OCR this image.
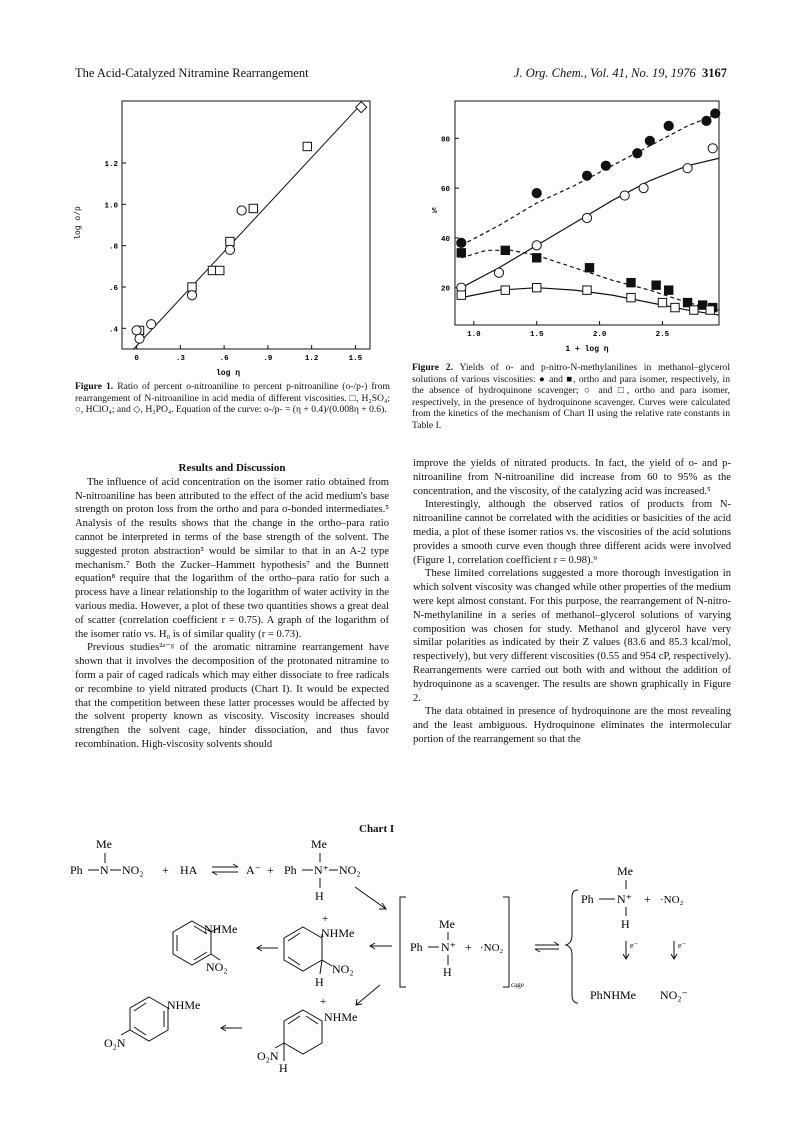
The Acid-Catalyzed Nitramine Rearrangement	J. Org. Chem., Vol. 41, No. 19, 1976 3167
0	.3	.6	.9	1.2	1.5
.4
.6
.8
1.0
1.2
log o/p
log η
Figure 1. Ratio of percent o-nitroaniline to percent p-nitroaniline (o-/p-) from rearrangement of N-nitroaniline in acid media of different viscosities. □, H₂SO₄; ○, HClO₄; and ◇, H₃PO₄. Equation of the curve: o-/p- = (η + 0.4)/(0.008η + 0.6).
1.0	1.5	2.0	2.5
20
40
60
80
%
1 + log η
Figure 2. Yields of o- and p-nitro-N-methylanilines in methanol–glycerol solutions of various viscosities: ● and ■, ortho and para isomer, respectively, in the absence of hydroquinone scavenger; ○ and □, ortho and para isomer, respectively, in the presence of hydroquinone scavenger. Curves were calculated from the kinetics of the mechanism of Chart II using the relative rate constants in Table I.

Results and Discussion

The influence of acid concentration on the isomer ratio obtained from N-nitroaniline has been attributed to the effect of the acid medium's base strength on proton loss from the ortho and para σ-bonded intermediates.⁵ Analysis of the results shows that the change in the ortho–para ratio cannot be interpreted in terms of the base strength of the solvent. The suggested proton abstraction⁵ would be similar to that in an A-2 type mechanism.⁷ Both the Zucker–Hammett hypothesis⁷ and the Bunnett equation⁸ require that the logarithm of the ortho–para ratio for such a process have a linear relationship to the logarithm of water activity in the various media. However, a plot of these two quantities shows a great deal of scatter (correlation coefficient r = 0.75). A graph of the logarithm of the isomer ratio vs. H₀ is of similar quality (r = 0.73).

Previous studies²ᵃ⁻ᵍ of the aromatic nitramine rearrangement have shown that it involves the decomposition of the protonated nitramine to form a pair of caged radicals which may either dissociate to free radicals or recombine to yield nitrated products (Chart I). It would be expected that the competition between these latter processes would be affected by the solvent property known as viscosity. Viscosity increases should strengthen the solvent cage, hinder dissociation, and thus favor recombination. High-viscosity solvents should

improve the yields of nitrated products. In fact, the yield of o- and p-nitroaniline from N-nitroaniline did increase from 60 to 95% as the concentration, and the viscosity, of the catalyzing acid was increased.⁵

Interestingly, although the observed ratios of products from N-nitroaniline cannot be correlated with the acidities or basicities of the acid media, a plot of these isomer ratios vs. the viscosities of the acid solutions provides a smooth curve even though three different acids were involved (Figure 1, correlation coefficient r = 0.98).⁹

These limited correlations suggested a more thorough investigation in which solvent viscosity was changed while other properties of the medium were kept almost constant. For this purpose, the rearrangement of N-nitro-N-methylaniline in a series of methanol–glycerol solutions of varying composition was chosen for study. Methanol and glycerol have very similar polarities as indicated by their Z values (83.6 and 85.3 kcal/mol, respectively), but very different viscosities (0.55 and 954 cP, respectively). Rearrangements were carried out both with and without the addition of hydroquinone as a scavenger. The results are shown graphically in Figure 2.

The data obtained in presence of hydroquinone are the most revealing and the least ambiguous. Hydroquinone eliminates the intermolecular portion of the rearrangement so that the

Chart I
Me
Ph N NO₂ + HA	A⁻ +
Me
Ph N⁺ NO₂
H
Me
Ph N⁺
H
+ ·NO₂
cage
Me
Ph N⁺ + ·NO₂
H
e⁻	e⁻
PhNHMe NO₂⁻
+
NHMe
NO₂
H
NHMe
NO₂
+
NHMe
O₂N
H
NHMe
O₂N
